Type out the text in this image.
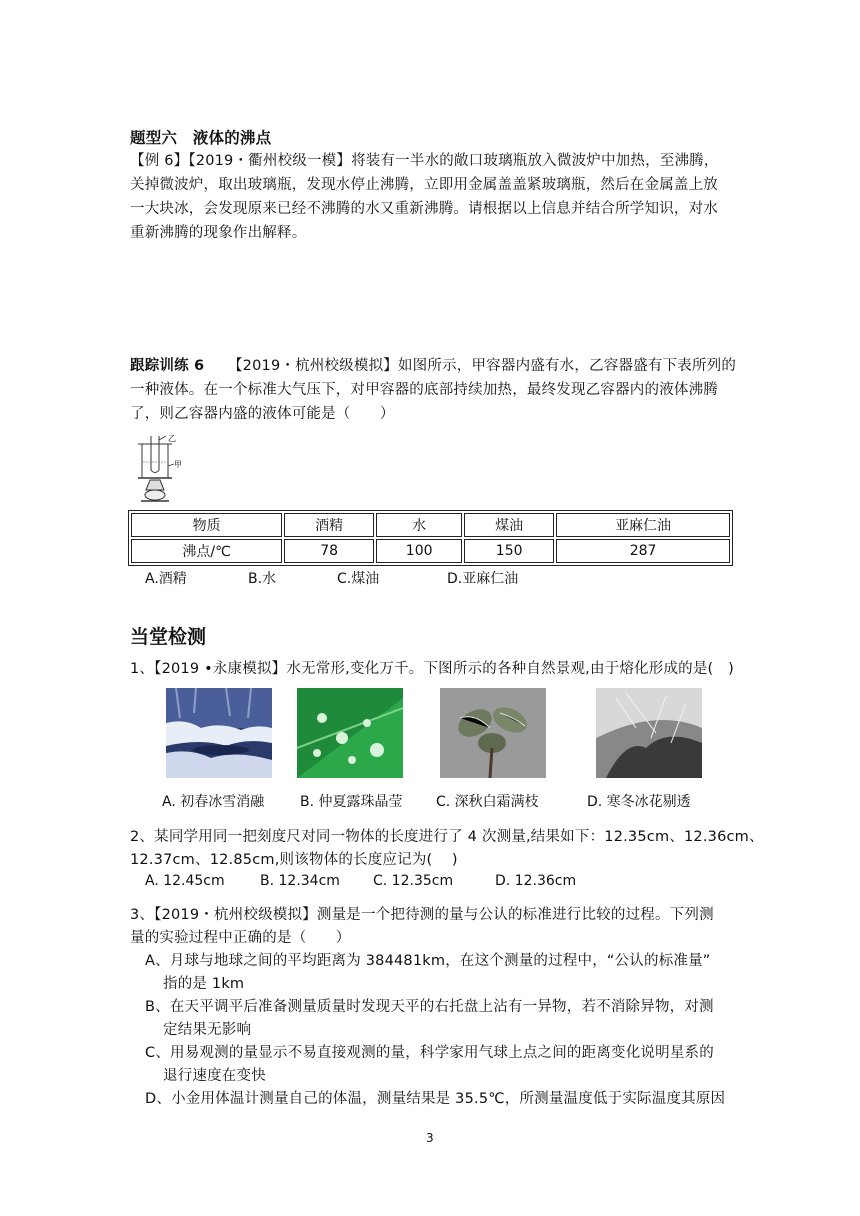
题型六　液体的沸点
【例 6】【2019・衢州校级一模】将装有一半水的敞口玻璃瓶放入微波炉中加热，至沸腾，
关掉微波炉，取出玻璃瓶，发现水停止沸腾，立即用金属盖盖紧玻璃瓶，然后在金属盖上放
一大块冰，会发现原来已经不沸腾的水又重新沸腾。请根据以上信息并结合所学知识，对水
重新沸腾的现象作出解释。
跟踪训练 6 【2019・杭州校级模拟】如图所示，甲容器内盛有水，乙容器盛有下表所列的
一种液体。在一个标准大气压下，对甲容器的底部持续加热，最终发现乙容器内的液体沸腾
了，则乙容器内盛的液体可能是（　　）
乙
甲
物质	酒精	水	煤油	亚麻仁油
沸点/℃	78	100	150	287
A.酒精	B.水	C.煤油	D.亚麻仁油
当堂检测
1、【2019 •永康模拟】水无常形,变化万千。下图所示的各种自然景观,由于熔化形成的是(　)
A. 初春冰雪消融	B. 仲夏露珠晶莹 C. 深秋白霜满枝	D. 寒冬冰花剔透
2、某同学用同一把刻度尺对同一物体的长度进行了 4 次测量,结果如下：12.35cm、12.36cm、
12.37cm、12.85cm,则该物体的长度应记为(　 )
A. 12.45cm	B. 12.34cm C. 12.35cm	D. 12.36cm
3、【2019・杭州校级模拟】测量是一个把待测的量与公认的标准进行比较的过程。下列测
量的实验过程中正确的是（　　）
A、月球与地球之间的平均距离为 384481km，在这个测量的过程中，“公认的标准量”
指的是 1km
B、在天平调平后准备测量质量时发现天平的右托盘上沾有一异物，若不消除异物，对测
定结果无影响
C、用易观测的量显示不易直接观测的量，科学家用气球上点之间的距离变化说明星系的
退行速度在变快
D、小金用体温计测量自己的体温，测量结果是 35.5℃，所测量温度低于实际温度其原因
3
